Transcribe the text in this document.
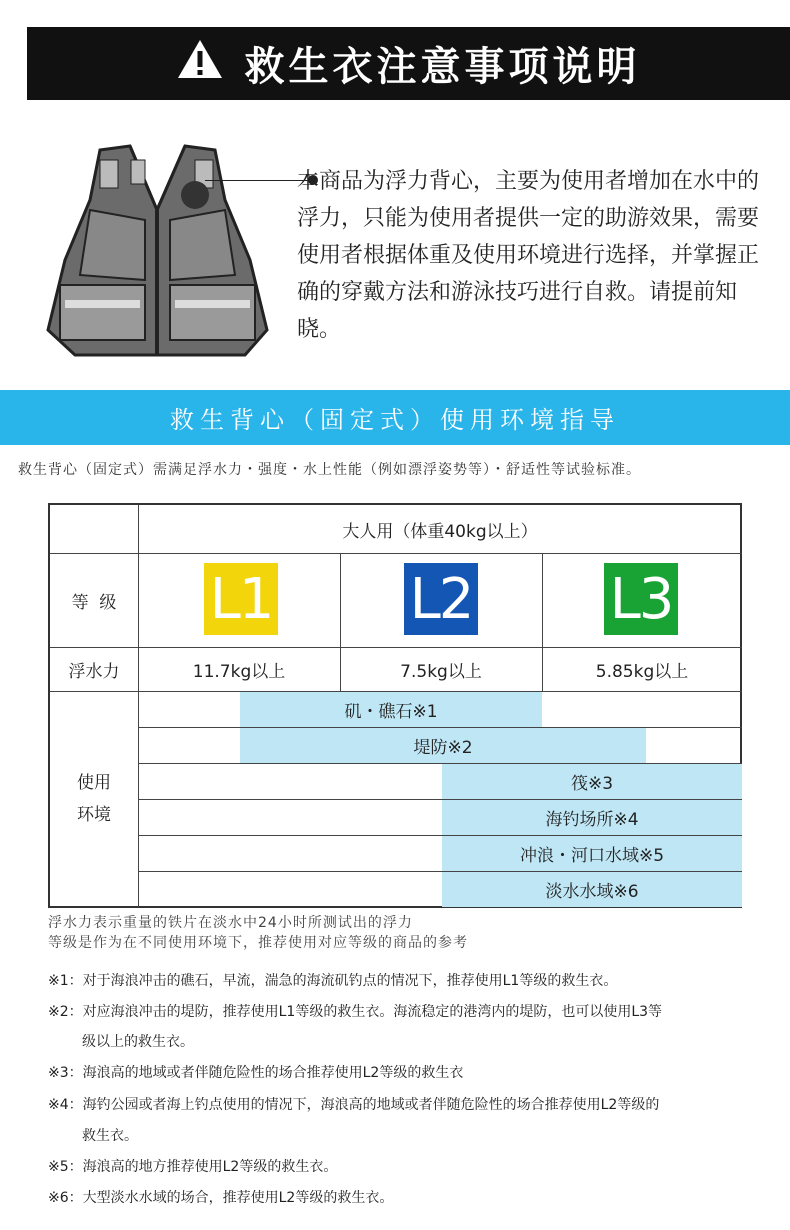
救生衣注意事项说明
本商品为浮力背心，主要为使用者增加在水中的浮力，只能为使用者提供一定的助游效果，需要使用者根据体重及使用环境进行选择，并掌握正确的穿戴方法和游泳技巧进行自救。请提前知晓。
救生背心（固定式）使用环境指导
救生背心（固定式）需满足浮水力・强度・水上性能（例如漂浮姿势等）・舒适性等试验标准。
大人用（体重40kg以上）
等  级	L1 L2 L3
浮水力	11.7kg以上	7.5kg以上	5.85kg以上
使用
环境
矶・礁石※1
堤防※2
筏※3
海钓场所※4
冲浪・河口水域※5
淡水水域※6
浮水力表示重量的铁片在淡水中24小时所测试出的浮力
等级是作为在不同使用环境下，推荐使用对应等级的商品的参考
※1：对于海浪冲击的礁石，早流，湍急的海流矶钓点的情况下，推荐使用L1等级的救生衣。
※2：对应海浪冲击的堤防，推荐使用L1等级的救生衣。海流稳定的港湾内的堤防，也可以使用L3等
级以上的救生衣。
※3：海浪高的地域或者伴随危险性的场合推荐使用L2等级的救生衣
※4：海钓公园或者海上钓点使用的情况下，海浪高的地域或者伴随危险性的场合推荐使用L2等级的
救生衣。
※5：海浪高的地方推荐使用L2等级的救生衣。
※6：大型淡水水域的场合，推荐使用L2等级的救生衣。
